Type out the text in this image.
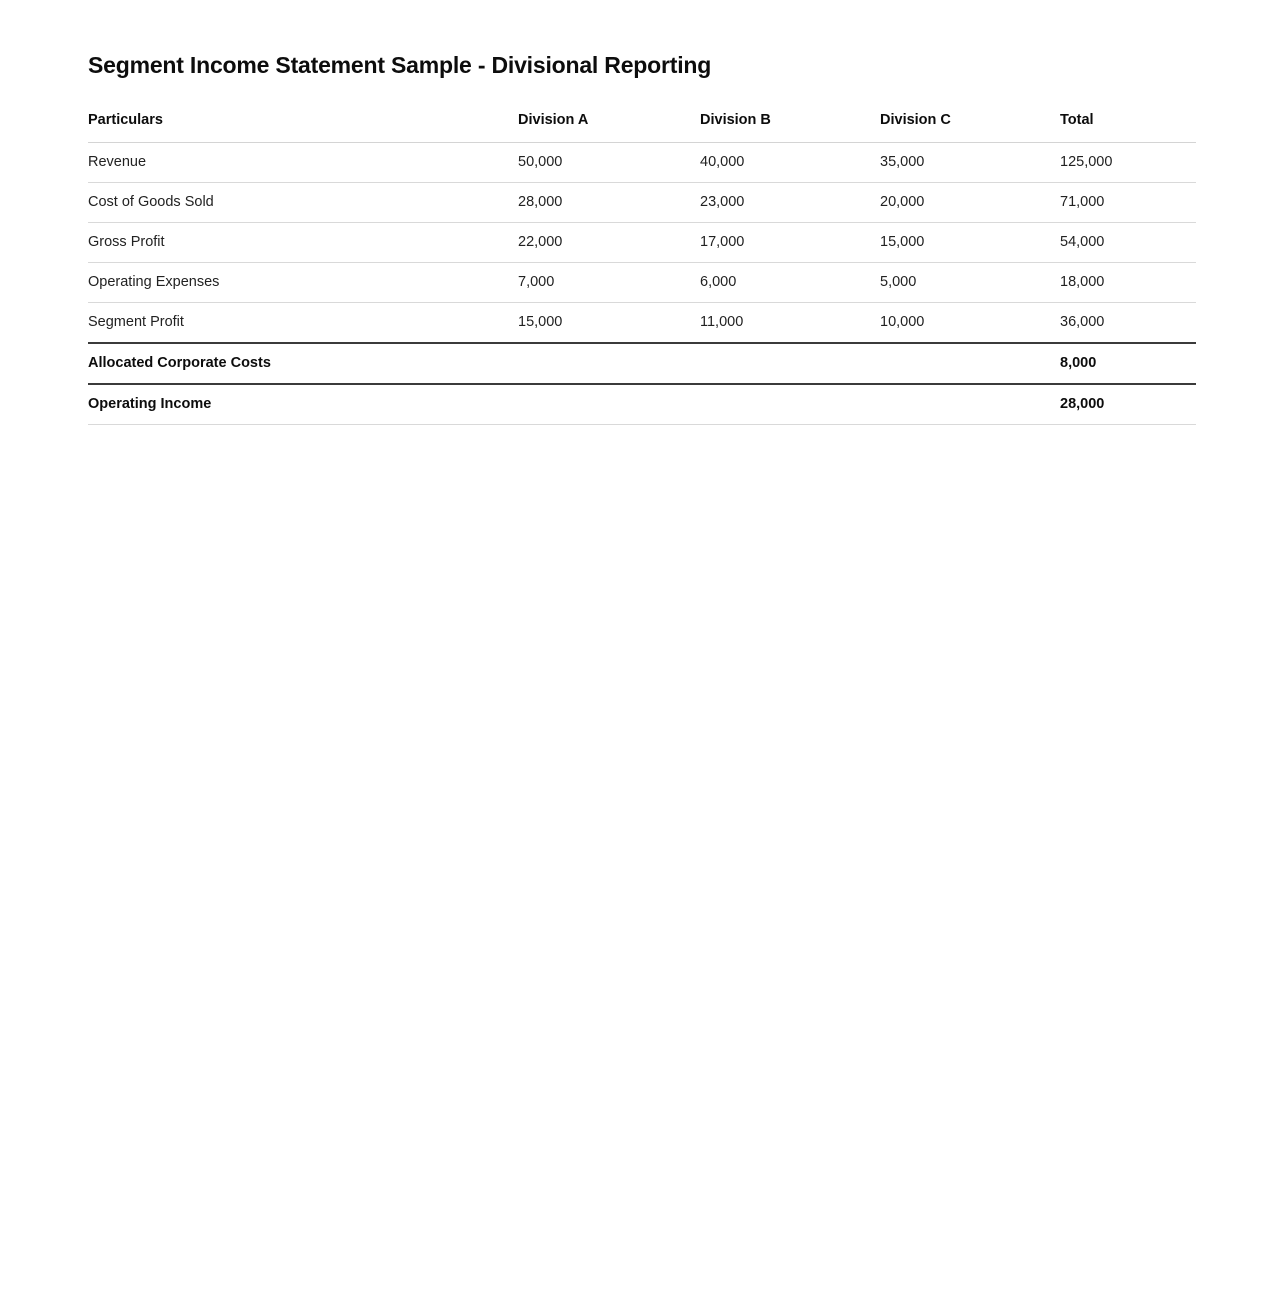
Segment Income Statement Sample - Divisional Reporting
Particulars	Division A	Division B	Division C	Total
Revenue	50,000	40,000	35,000	125,000
Cost of Goods Sold	28,000	23,000	20,000	71,000
Gross Profit	22,000	17,000	15,000	54,000
Operating Expenses	7,000	6,000	5,000	18,000
Segment Profit	15,000	11,000	10,000	36,000
Allocated Corporate Costs				8,000
Operating Income				28,000
